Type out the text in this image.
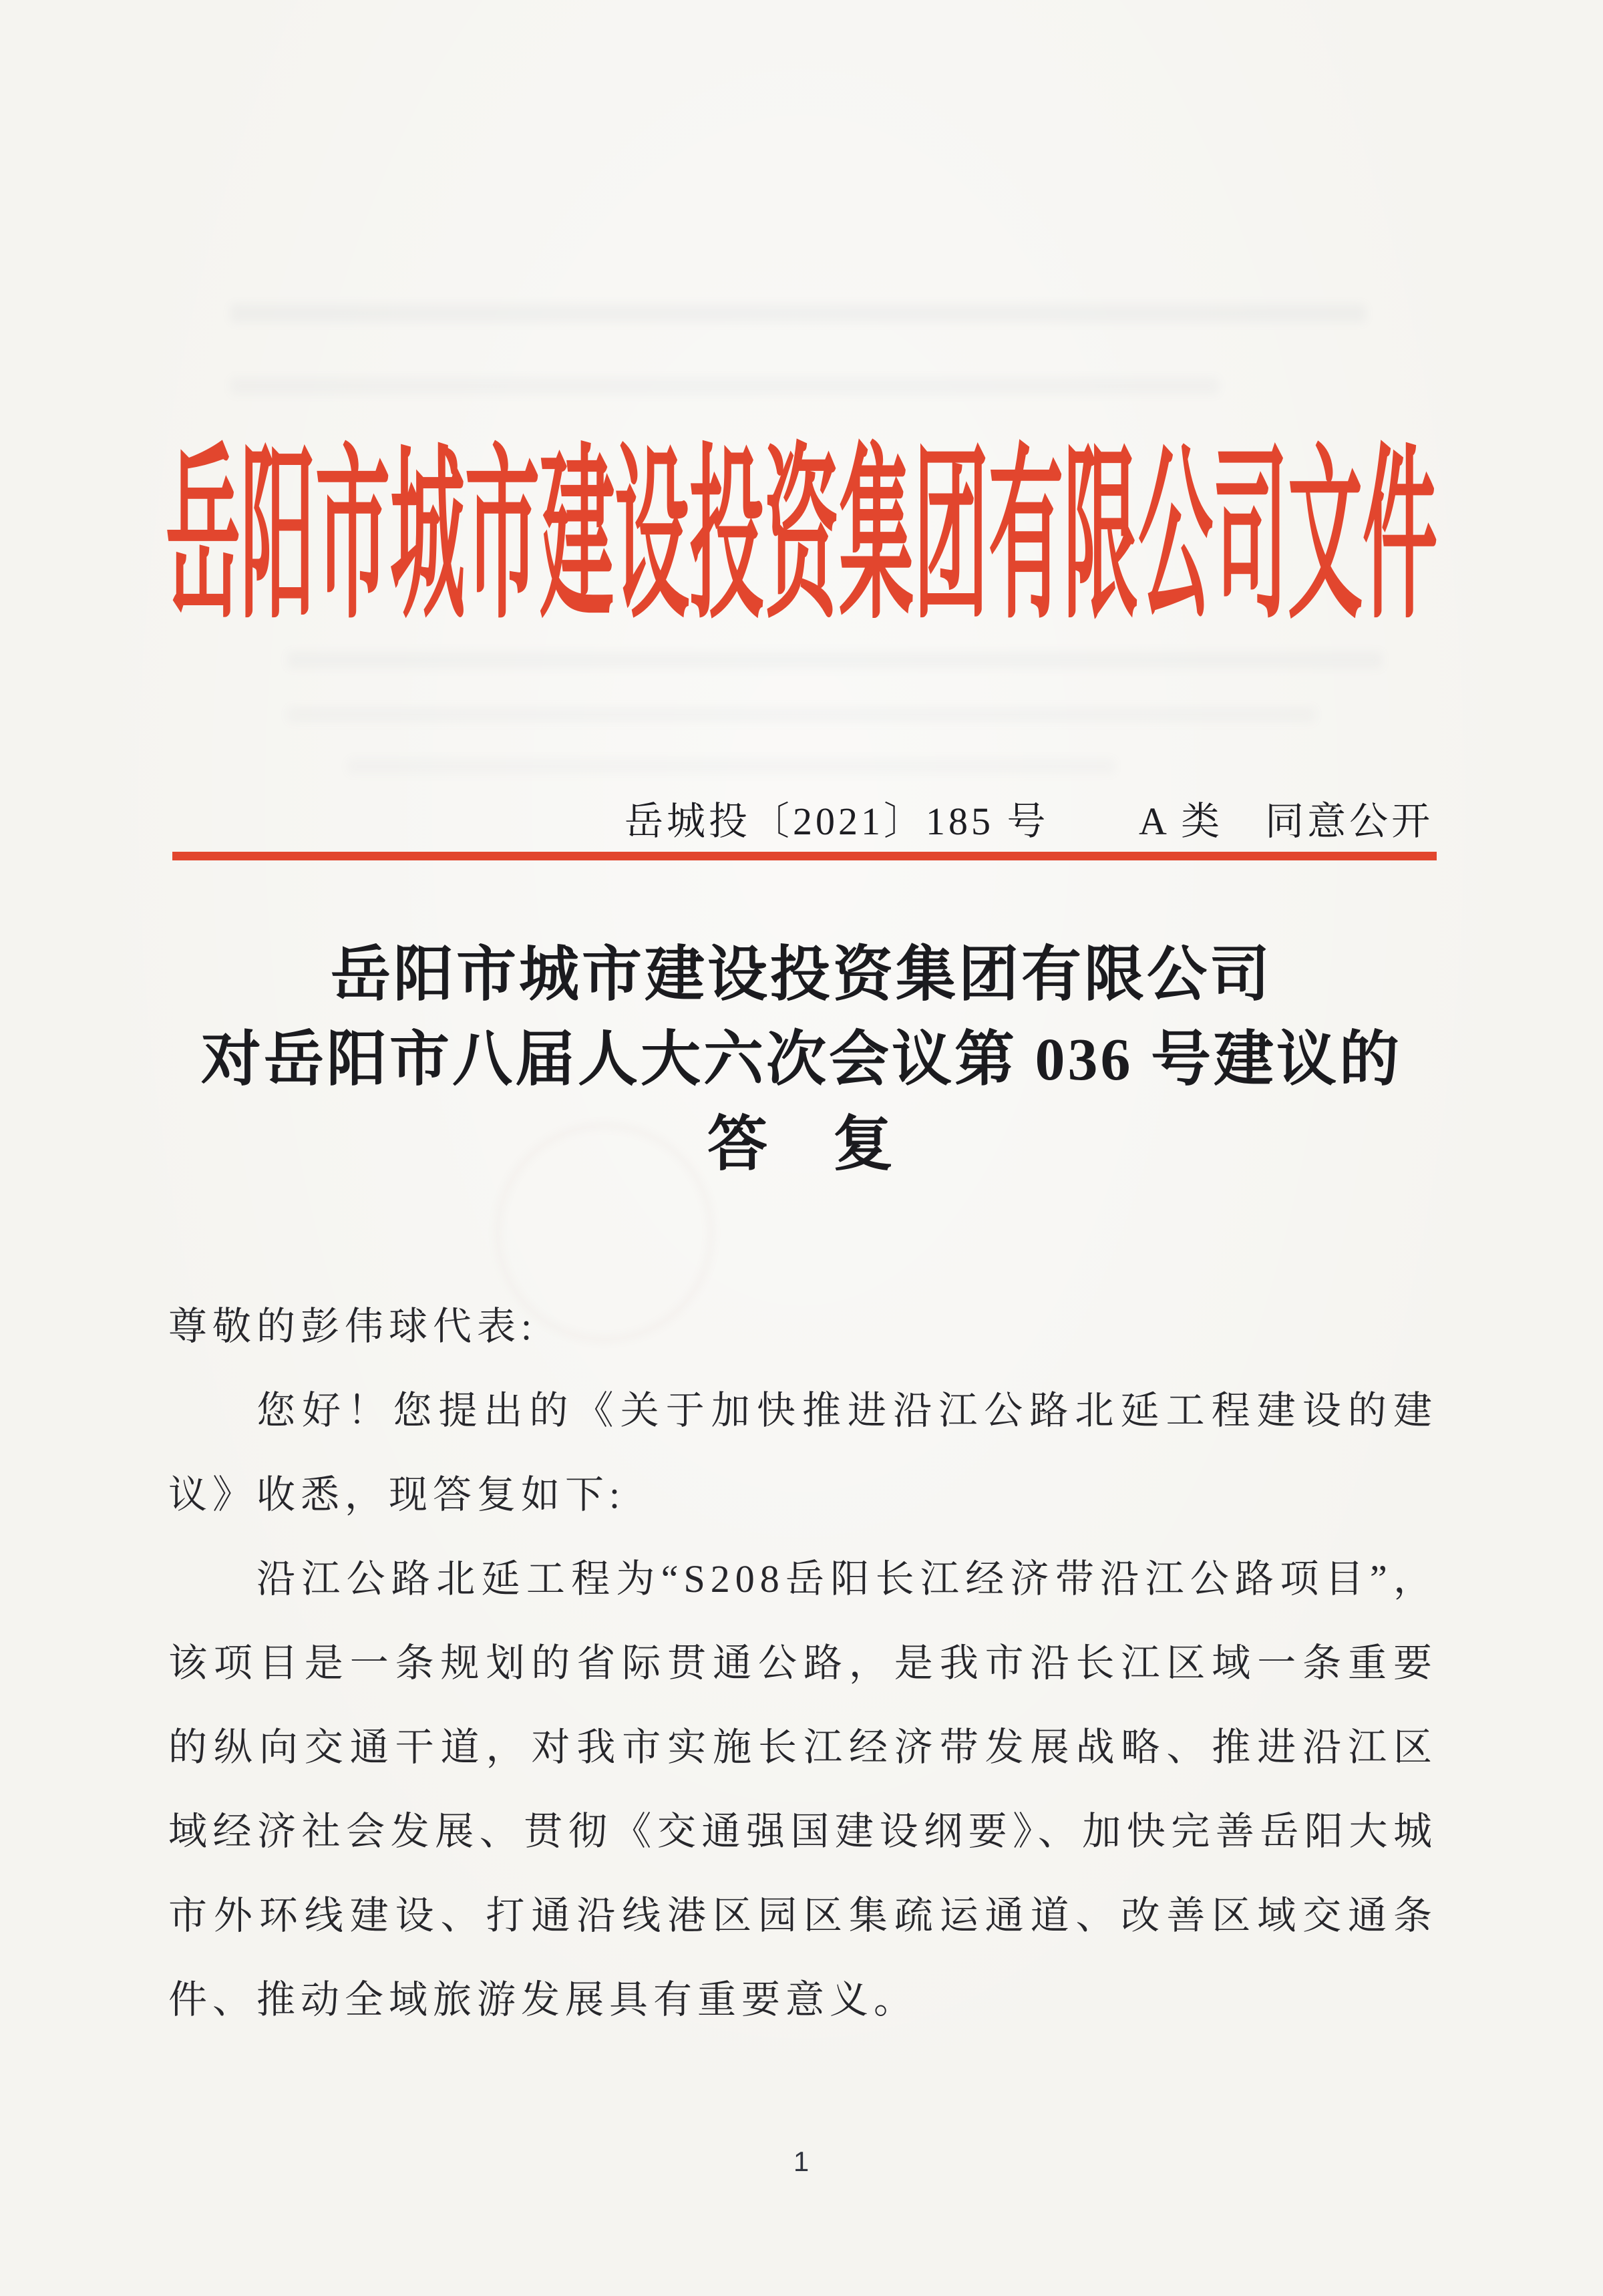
岳阳市城市建设投资集团有限公司文件
岳城投〔2021〕185 号 A 类　同意公开
岳阳市城市建设投资集团有限公司
对岳阳市八届人大六次会议第 036 号建议的
答　复

尊敬的彭伟球代表:

您好！您提出的《关于加快推进沿江公路北延工程建设的建议》收悉，现答复如下:

沿江公路北延工程为“S208岳阳长江经济带沿江公路项目”，该项目是一条规划的省际贯通公路，是我市沿长江区域一条重要的纵向交通干道，对我市实施长江经济带发展战略、推进沿江区域经济社会发展、贯彻《交通强国建设纲要》、加快完善岳阳大城市外环线建设、打通沿线港区园区集疏运通道、改善区域交通条件、推动全域旅游发展具有重要意义。

1
